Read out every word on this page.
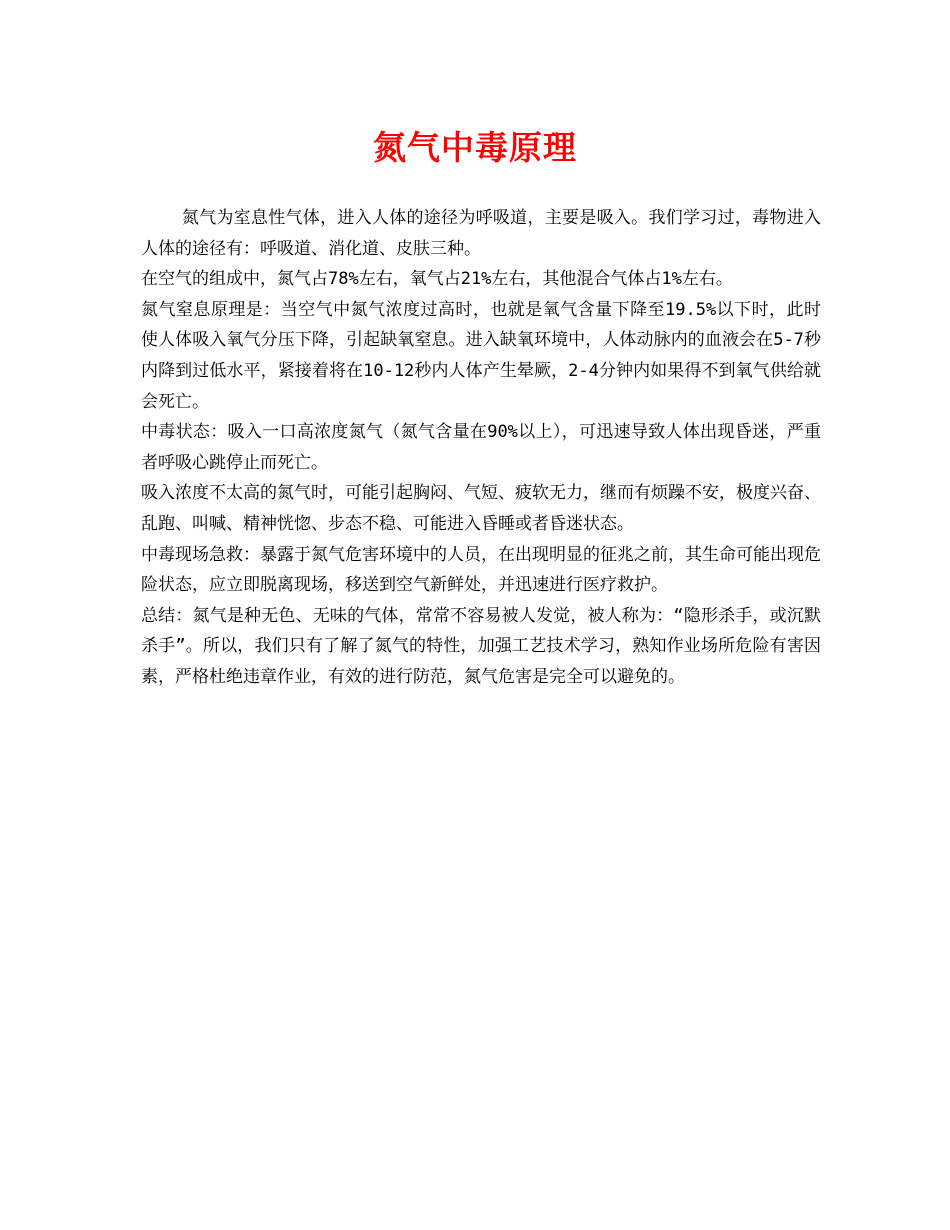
氮气中毒原理

氮气为室息性气体，进入人体的途径为呼吸道，主要是吸入。我们学习过，毒物进入人体的途径有：呼吸道、消化道、皮肤三种。

在空气的组成中，氮气占78%左右，氧气占21%左右，其他混合气体占1%左右。

氮气窒息原理是：当空气中氮气浓度过高时，也就是氧气含量下降至19.5%以下时，此时使人体吸入氧气分压下降，引起缺氧窒息。进入缺氧环境中，人体动脉内的血液会在5-7秒内降到过低水平，紧接着将在10-12秒内人体产生晕厥，2-4分钟内如果得不到氧气供给就会死亡。

中毒状态：吸入一口高浓度氮气（氮气含量在90%以上），可迅速导致人体出现昏迷，严重者呼吸心跳停止而死亡。

吸入浓度不太高的氮气时，可能引起胸闷、气短、疲软无力，继而有烦躁不安，极度兴奋、乱跑、叫喊、精神恍惚、步态不稳、可能进入昏睡或者昏迷状态。

中毒现场急救：暴露于氮气危害环境中的人员，在出现明显的征兆之前，其生命可能出现危险状态，应立即脱离现场，移送到空气新鲜处，并迅速进行医疗救护。

总结：氮气是种无色、无味的气体，常常不容易被人发觉，被人称为：“隐形杀手，或沉默杀手”。所以，我们只有了解了氮气的特性，加强工艺技术学习，熟知作业场所危险有害因素，严格杜绝违章作业，有效的进行防范，氮气危害是完全可以避免的。
